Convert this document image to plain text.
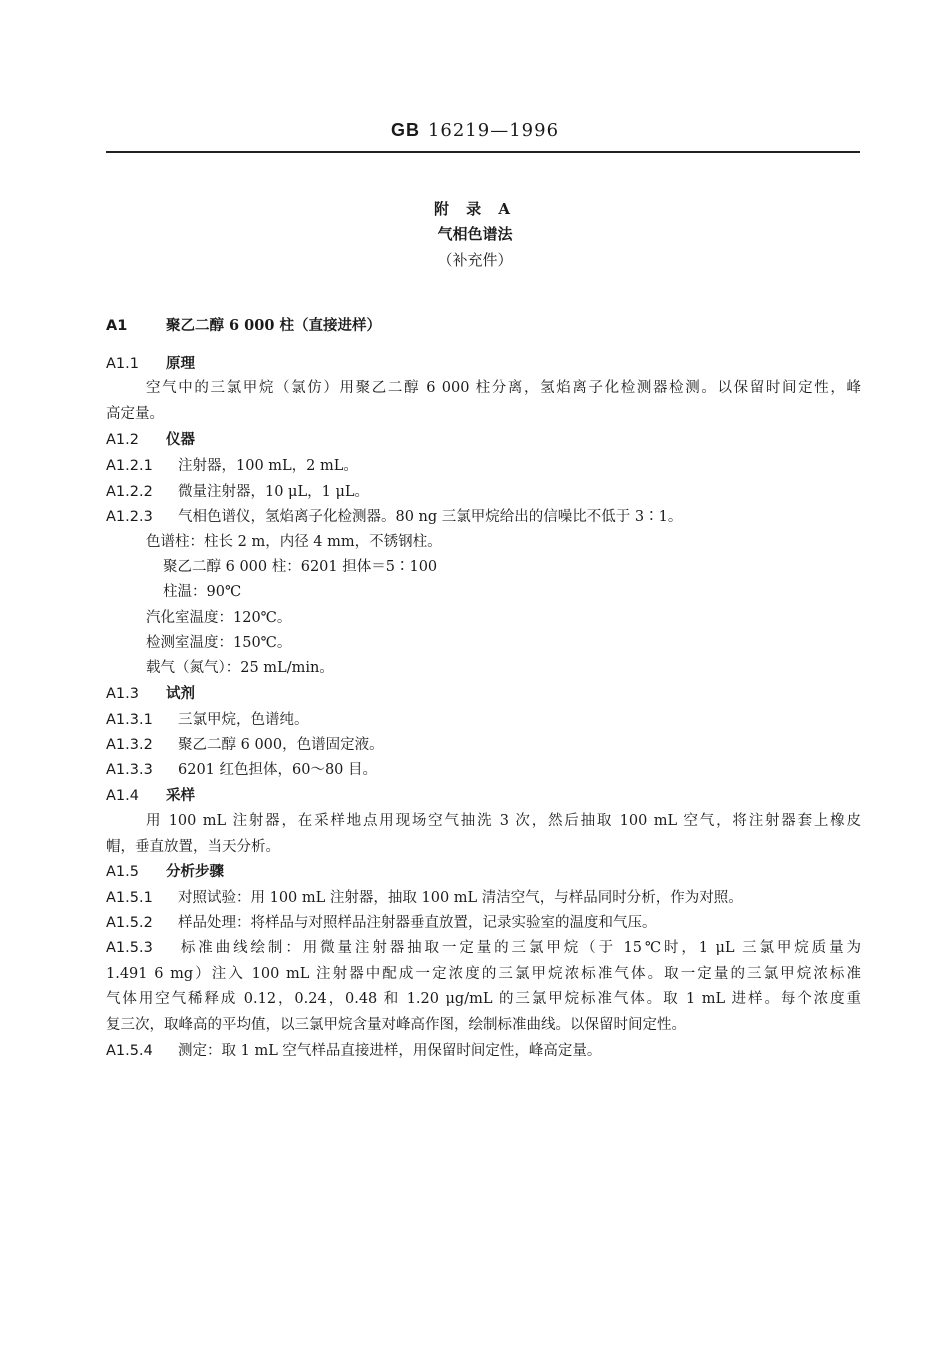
GB 16219—1996
附 录 A
气相色谱法
（补充件）
A1	聚乙二醇 6 000 柱（直接进样）
A1.1 原理
空气中的三氯甲烷（氯仿）用聚乙二醇 6 000 柱分离，氢焰离子化检测器检测。以保留时间定性，峰
高定量。
A1.2 仪器
A1.2.1 注射器，100 mL，2 mL。
A1.2.2 微量注射器，10 μL，1 μL。
A1.2.3 气相色谱仪，氢焰离子化检测器。80 ng 三氯甲烷给出的信噪比不低于 3∶1。
色谱柱：柱长 2 m，内径 4 mm，不锈钢柱。
聚乙二醇 6 000 柱：6201 担体＝5∶100
柱温：90℃
汽化室温度：120℃。
检测室温度：150℃。
载气（氮气）：25 mL/min。
A1.3 试剂
A1.3.1 三氯甲烷，色谱纯。
A1.3.2 聚乙二醇 6 000，色谱固定液。
A1.3.3 6201 红色担体，60～80 目。
A1.4 采样
用 100 mL 注射器，在采样地点用现场空气抽洗 3 次，然后抽取 100 mL 空气，将注射器套上橡皮
帽，垂直放置，当天分析。
A1.5 分析步骤
A1.5.1 对照试验：用 100 mL 注射器，抽取 100 mL 清洁空气，与样品同时分析，作为对照。
A1.5.2 样品处理：将样品与对照样品注射器垂直放置，记录实验室的温度和气压。
A1.5.3 标准曲线绘制：用微量注射器抽取一定量的三氯甲烷（于 15℃时，1 μL 三氯甲烷质量为
1.491 6 mg）注入 100 mL 注射器中配成一定浓度的三氯甲烷浓标准气体。取一定量的三氯甲烷浓标准
气体用空气稀释成 0.12，0.24，0.48 和 1.20 μg/mL 的三氯甲烷标准气体。取 1 mL 进样。每个浓度重
复三次，取峰高的平均值，以三氯甲烷含量对峰高作图，绘制标准曲线。以保留时间定性。
A1.5.4 测定：取 1 mL 空气样品直接进样，用保留时间定性，峰高定量。
